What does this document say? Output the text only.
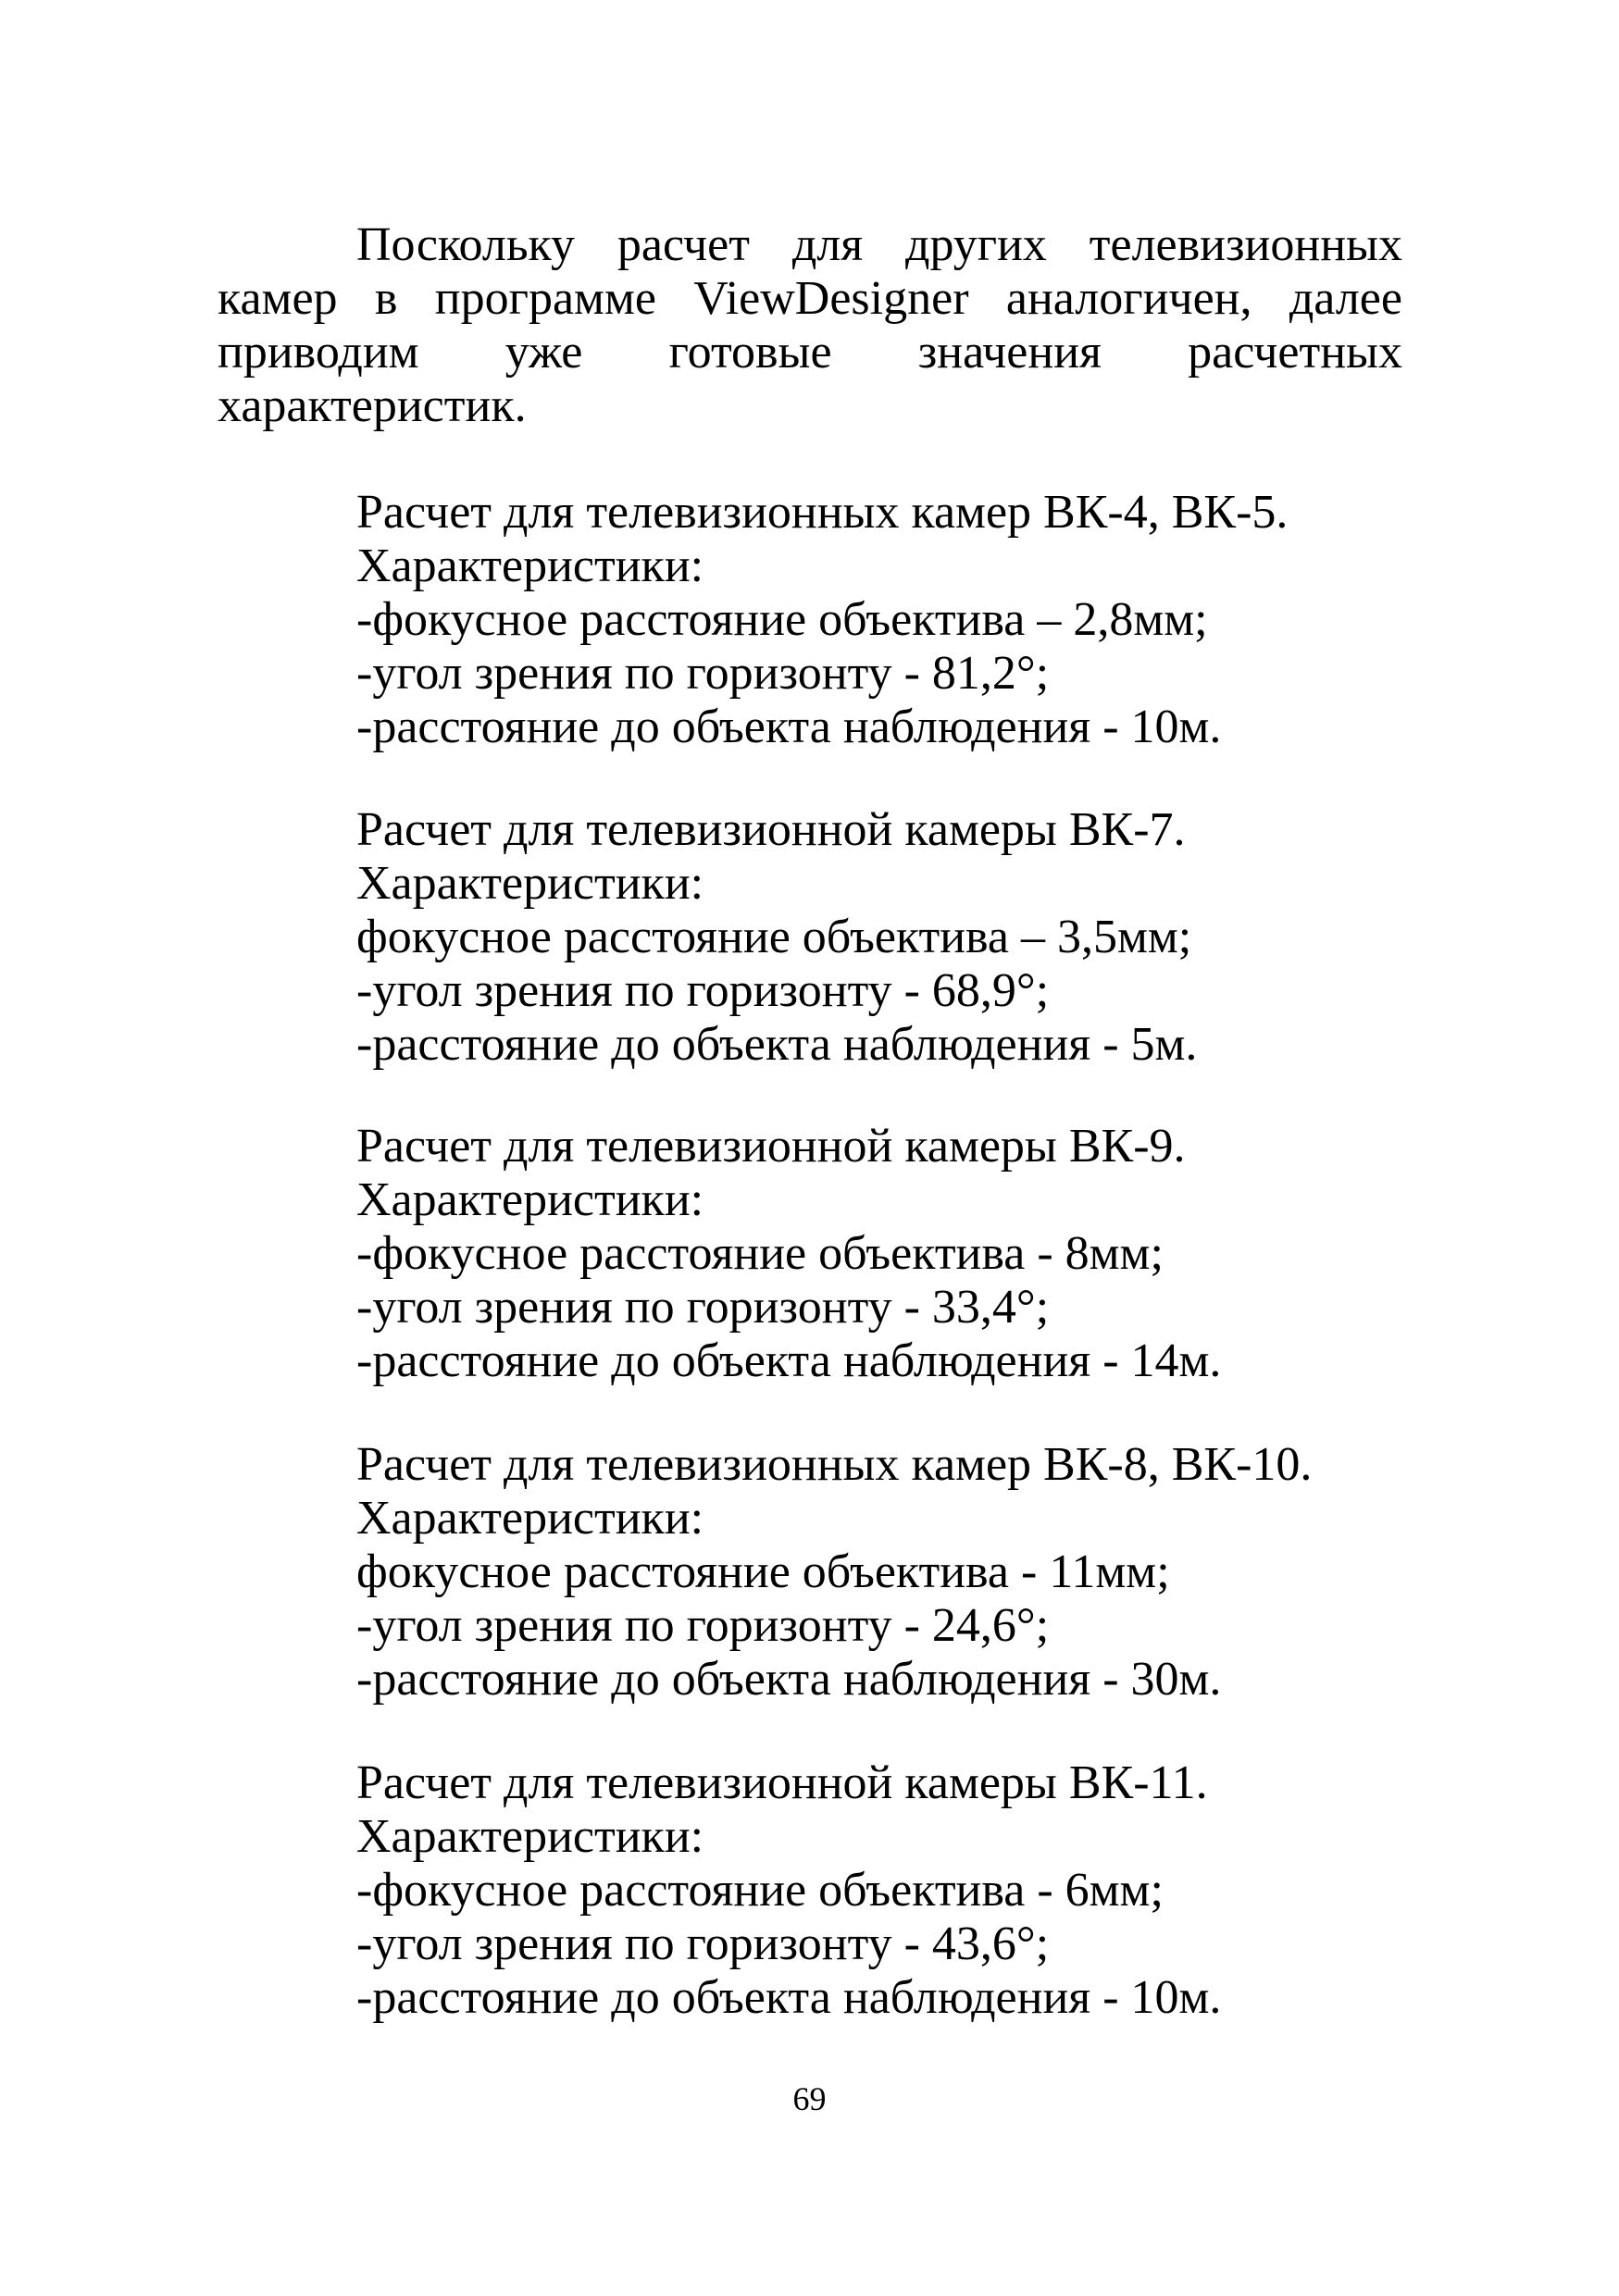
Поскольку расчет для других телевизионных
камер в программе ViewDesigner аналогичен, далее
приводим уже готовые значения расчетных
характеристик.
Расчет для телевизионных камер ВК-4, ВК-5.
Характеристики:
-фокусное расстояние объектива – 2,8мм;
-угол зрения по горизонту - 81,2°;
-расстояние до объекта наблюдения - 10м.
Расчет для телевизионной камеры ВК-7.
Характеристики:
фокусное расстояние объектива – 3,5мм;
-угол зрения по горизонту - 68,9°;
-расстояние до объекта наблюдения - 5м.
Расчет для телевизионной камеры ВК-9.
Характеристики:
-фокусное расстояние объектива - 8мм;
-угол зрения по горизонту - 33,4°;
-расстояние до объекта наблюдения - 14м.
Расчет для телевизионных камер ВК-8, ВК-10.
Характеристики:
фокусное расстояние объектива - 11мм;
-угол зрения по горизонту - 24,6°;
-расстояние до объекта наблюдения - 30м.
Расчет для телевизионной камеры ВК-11.
Характеристики:
-фокусное расстояние объектива - 6мм;
-угол зрения по горизонту - 43,6°;
-расстояние до объекта наблюдения - 10м.
69
